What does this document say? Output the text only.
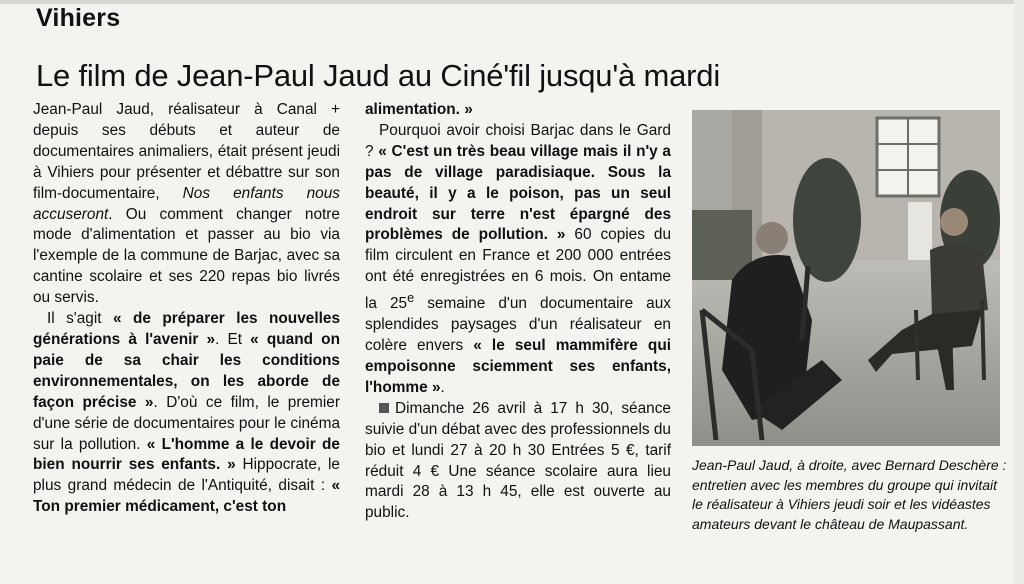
Vihiers
Le film de Jean-Paul Jaud au Ciné'fil jusqu'à mardi

Jean-Paul Jaud, réalisateur à Canal + depuis ses débuts et auteur de documentaires animaliers, était présent jeudi à Vihiers pour présenter et débattre sur son film-documentaire, Nos enfants nous accuseront. Ou comment changer notre mode d'alimentation et passer au bio via l'exemple de la commune de Barjac, avec sa cantine scolaire et ses 220 repas bio livrés ou servis.

Il s'agit « de préparer les nouvelles générations à l'avenir ». Et « quand on paie de sa chair les conditions environnementales, on les aborde de façon précise ». D'où ce film, le premier d'une série de documentaires pour le cinéma sur la pollution. « L'homme a le devoir de bien nourrir ses enfants. » Hippocrate, le plus grand médecin de l'Antiquité, disait : « Ton premier médicament, c'est ton

alimentation. »

Pourquoi avoir choisi Barjac dans le Gard ? « C'est un très beau village mais il n'y a pas de village paradisiaque. Sous la beauté, il y a le poison, pas un seul endroit sur terre n'est épargné des problèmes de pollution. » 60 copies du film circulent en France et 200 000 entrées ont été enregistrées en 6 mois. On entame la 25e semaine d'un documentaire aux splendides paysages d'un réalisateur en colère envers « le seul mammifère qui empoisonne sciemment ses enfants, l'homme ».

Dimanche 26 avril à 17 h 30, séance suivie d'un débat avec des professionnels du bio et lundi 27 à 20 h 30 Entrées 5 €, tarif réduit 4 € Une séance scolaire aura lieu mardi 28 à 13 h 45, elle est ouverte au public.

Jean-Paul Jaud, à droite, avec Bernard Deschère : entretien avec les membres du groupe qui invitait le réalisateur à Vihiers jeudi soir et les vidéastes amateurs devant le château de Maupassant.
